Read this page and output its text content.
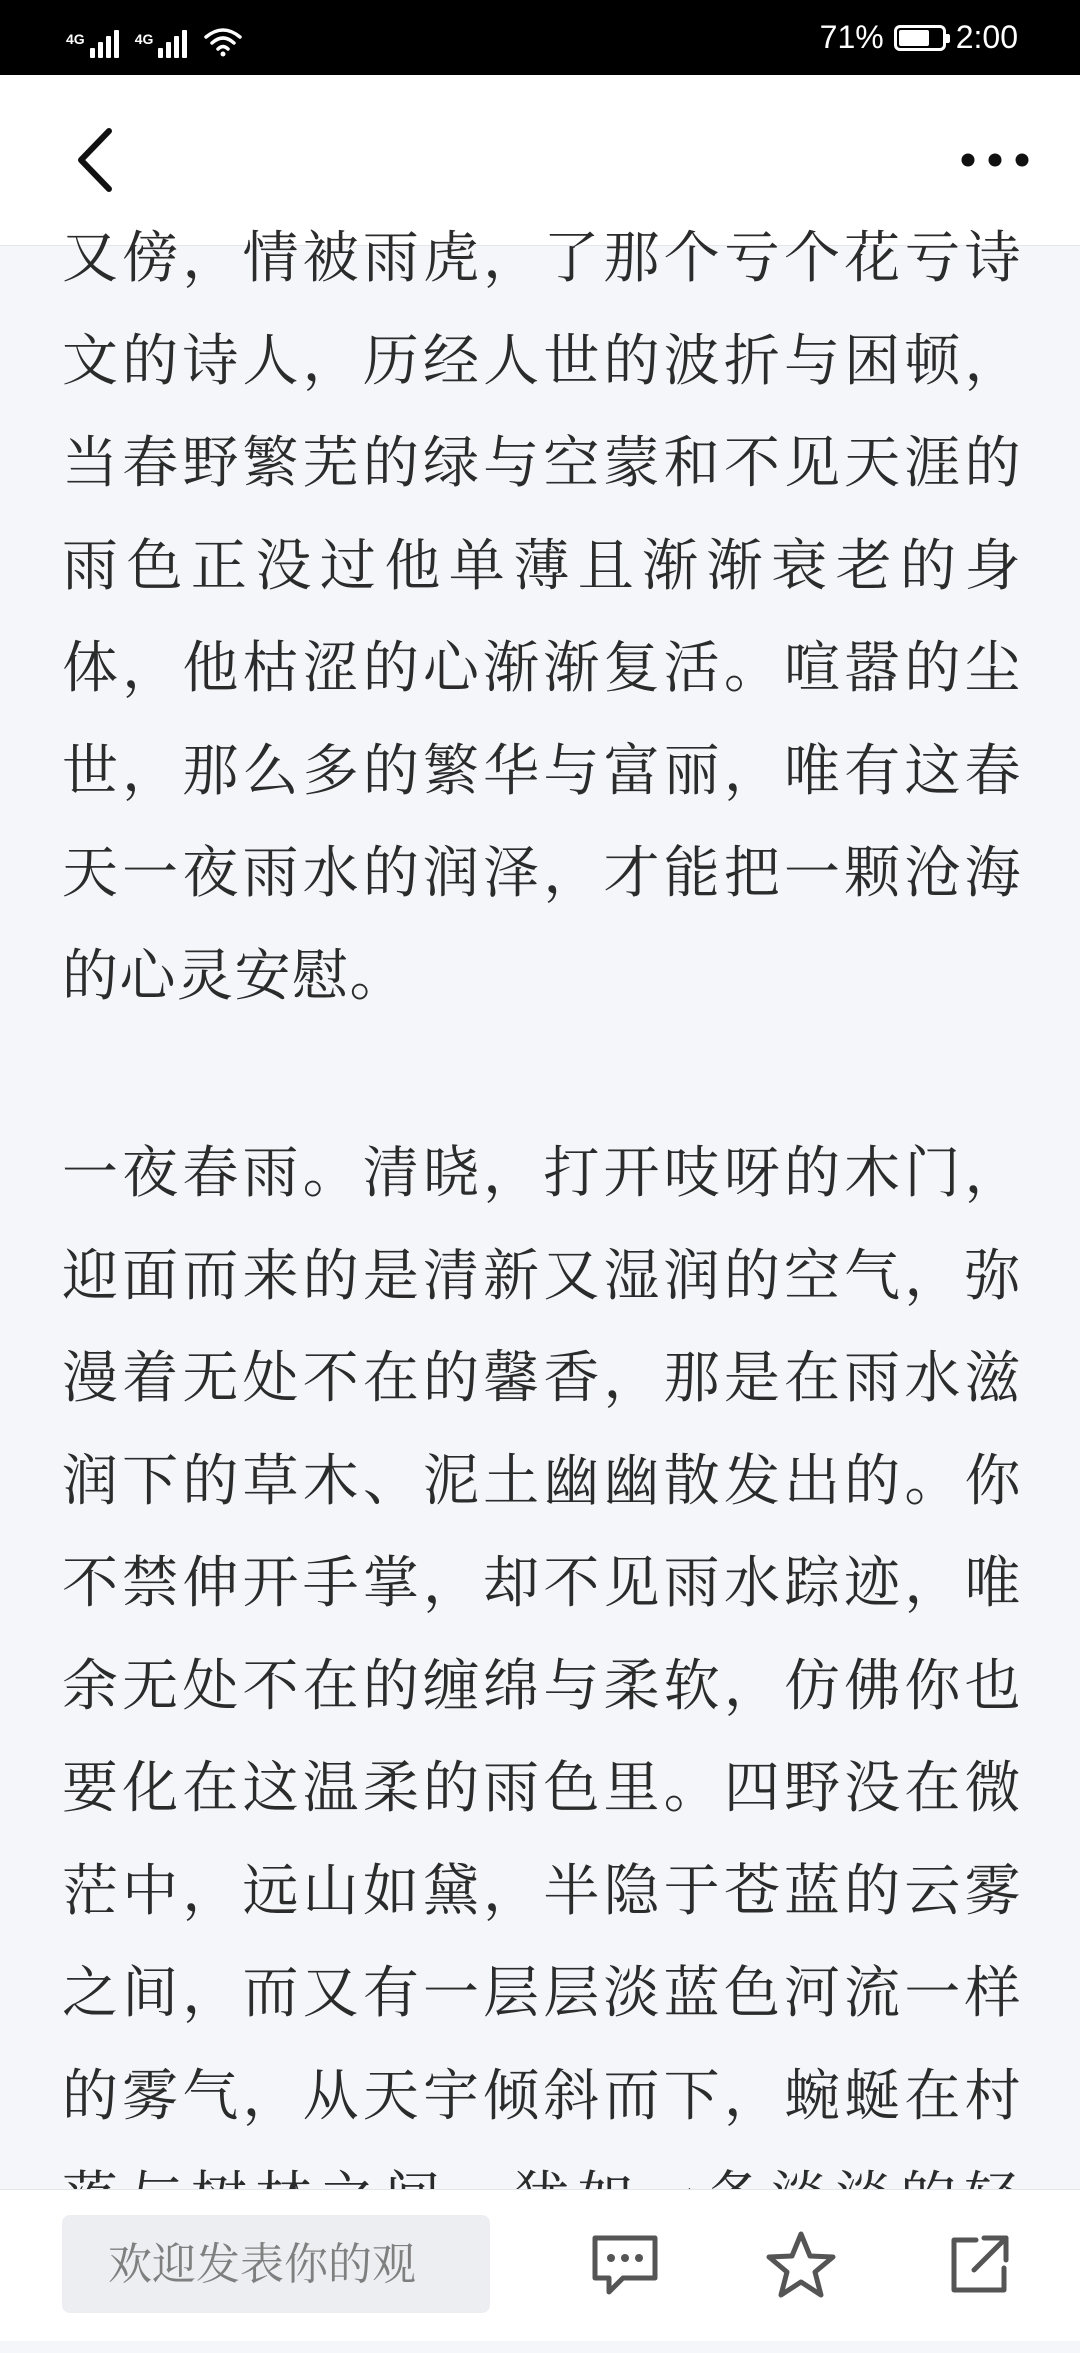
4G	4G	71% 2:00

又傍，情被雨虎，了那个亏个花亏诗文的诗人，历经人世的波折与困顿，当春野繁芜的绿与空蒙和不见天涯的雨色正没过他单薄且渐渐衰老的身体，他枯涩的心渐渐复活。喧嚣的尘世，那么多的繁华与富丽，唯有这春天一夜雨水的润泽，才能把一颗沧海的心灵安慰。

一夜春雨。清晓，打开吱呀的木门，迎面而来的是清新又湿润的空气，弥漫着无处不在的馨香，那是在雨水滋润下的草木、泥土幽幽散发出的。你不禁伸开手掌，却不见雨水踪迹，唯余无处不在的缠绵与柔软，仿佛你也要化在这温柔的雨色里。四野没在微茫中，远山如黛，半隐于苍蓝的云雾之间，而又有一层层淡蓝色河流一样的雾气，从天宇倾斜而下，蜿蜒在村

欢迎发表你的观
